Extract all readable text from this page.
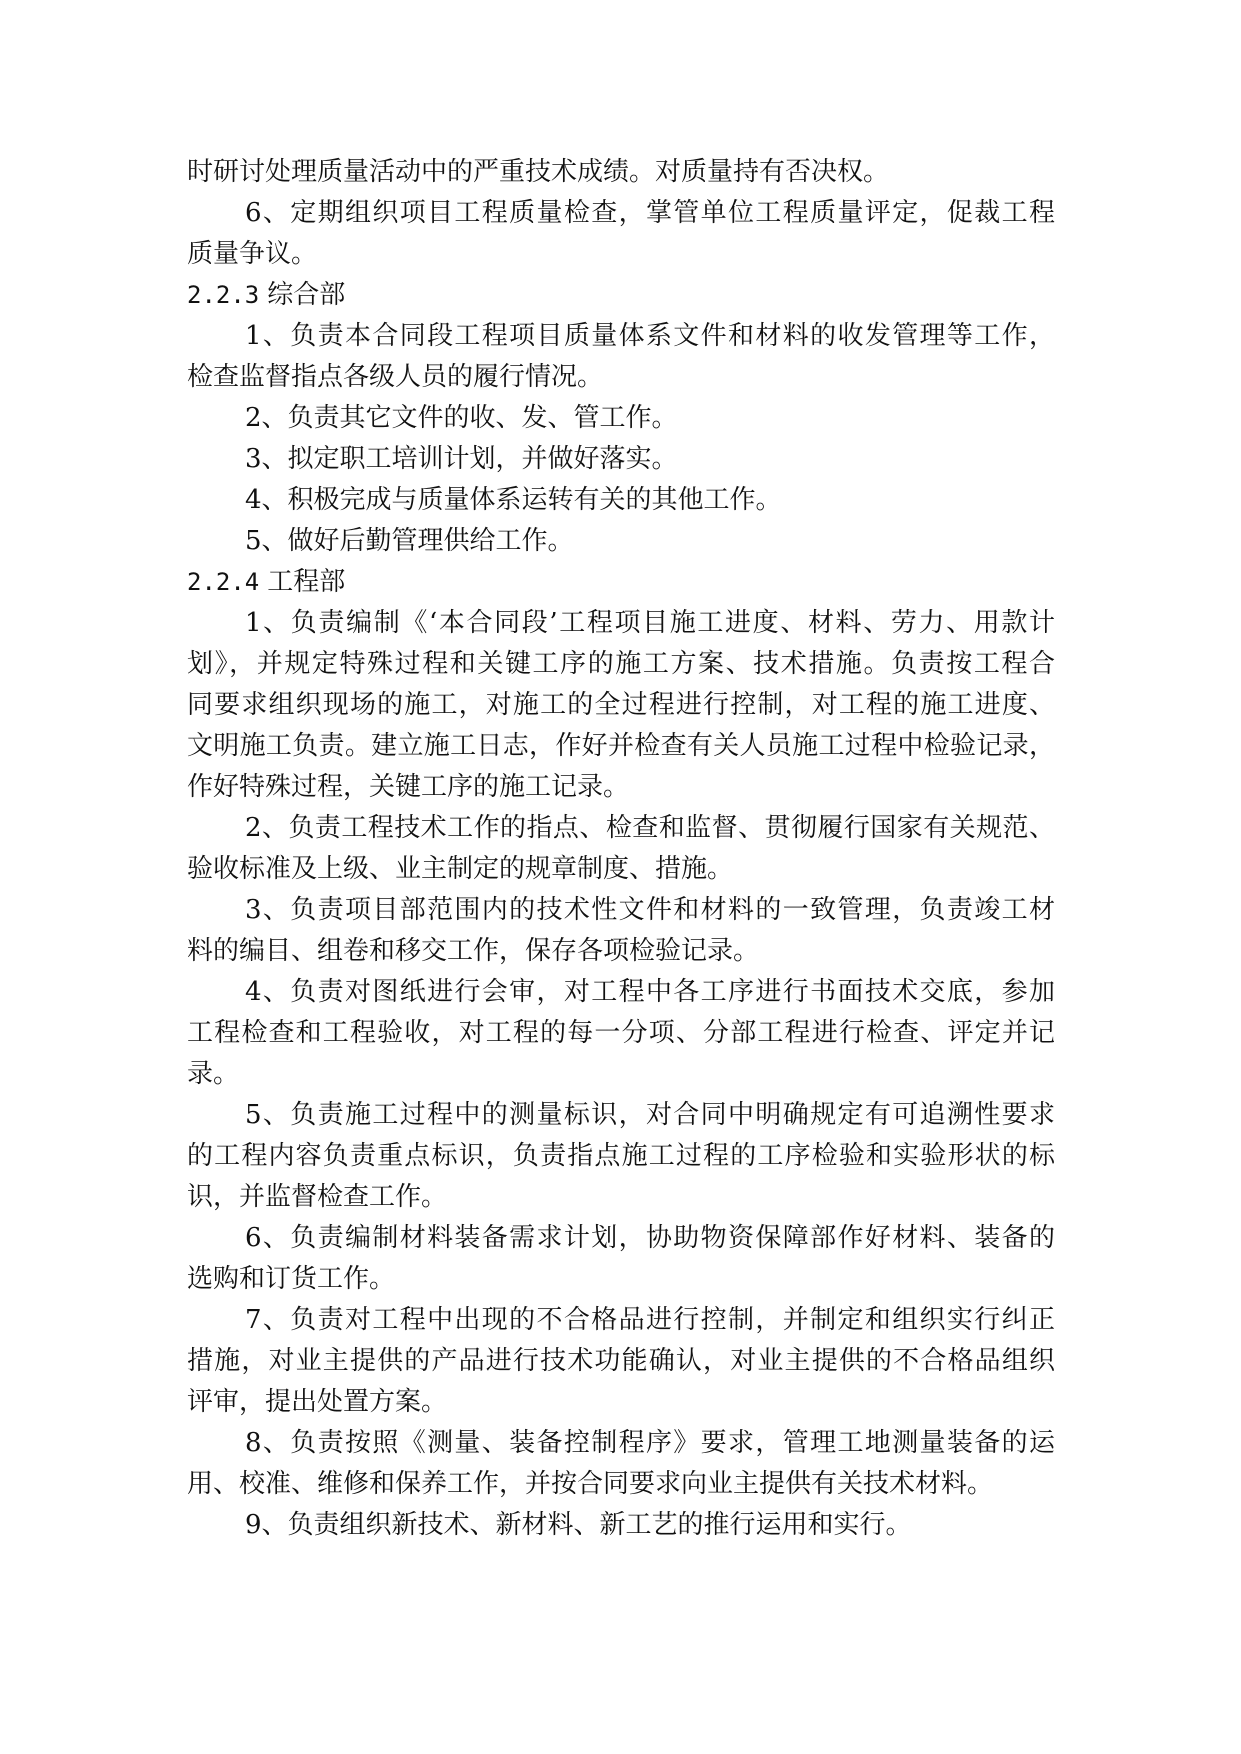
时研讨处理质量活动中的严重技术成绩。对质量持有否决权。
6、定期组织项目工程质量检查，掌管单位工程质量评定，促裁工程
质量争议。
2.2.3 综合部
1、负责本合同段工程项目质量体系文件和材料的收发管理等工作，
检查监督指点各级人员的履行情况。
2、负责其它文件的收、发、管工作。
3、拟定职工培训计划，并做好落实。
4、积极完成与质量体系运转有关的其他工作。
5、做好后勤管理供给工作。
2.2.4 工程部
1、负责编制《‘本合同段’工程项目施工进度、材料、劳力、用款计
划》，并规定特殊过程和关键工序的施工方案、技术措施。负责按工程合
同要求组织现场的施工，对施工的全过程进行控制，对工程的施工进度、
文明施工负责。建立施工日志，作好并检查有关人员施工过程中检验记录，
作好特殊过程，关键工序的施工记录。
2、负责工程技术工作的指点、检查和监督、贯彻履行国家有关规范、
验收标准及上级、业主制定的规章制度、措施。
3、负责项目部范围内的技术性文件和材料的一致管理，负责竣工材
料的编目、组卷和移交工作，保存各项检验记录。
4、负责对图纸进行会审，对工程中各工序进行书面技术交底，参加
工程检查和工程验收，对工程的每一分项、分部工程进行检查、评定并记
录。
5、负责施工过程中的测量标识，对合同中明确规定有可追溯性要求
的工程内容负责重点标识，负责指点施工过程的工序检验和实验形状的标
识，并监督检查工作。
6、负责编制材料装备需求计划，协助物资保障部作好材料、装备的
选购和订货工作。
7、负责对工程中出现的不合格品进行控制，并制定和组织实行纠正
措施，对业主提供的产品进行技术功能确认，对业主提供的不合格品组织
评审，提出处置方案。
8、负责按照《测量、装备控制程序》要求，管理工地测量装备的运
用、校准、维修和保养工作，并按合同要求向业主提供有关技术材料。
9、负责组织新技术、新材料、新工艺的推行运用和实行。
